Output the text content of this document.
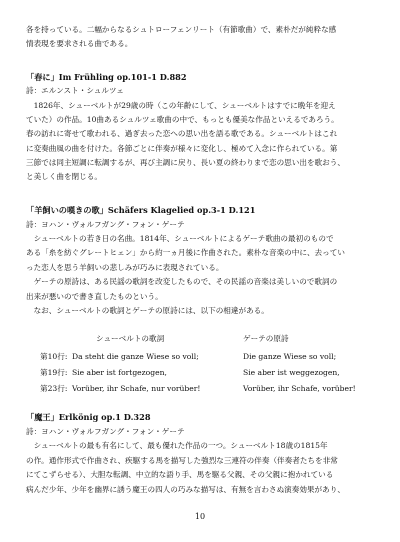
各を持っている。二幅からなるシュトローフェンリート（有節歌曲）で、素朴だが純粋な感
情表現を要求される曲である。
「春に」Im Frühling op.101-1 D.882
詩：エルンスト・シュルツェ
　1826年、シューベルトが29歳の時（この年齢にして、シューベルトはすでに晩年を迎え
ていた）の作品。10曲あるシュルツェ歌曲の中で、もっとも優美な作品といえるであろう。
春の訪れに寄せて歌われる、過ぎ去った恋への思い出を語る歌である。シューベルトはこれ
に変奏曲風の曲を付けた。各節ごとに伴奏が様々に変化し、極めて入念に作られている。第
三節では同主短調に転調するが、再び主調に戻り、長い夏の終わりまで恋の思い出を歌おう、
と美しく曲を閉じる。
「羊飼いの嘆きの歌」Schäfers Klagelied op.3-1 D.121
詩：ヨハン・ヴォルフガング・フォン・ゲーテ
　シューベルトの若き日の名曲。1814年、シューベルトによるゲーテ歌曲の最初のもので
ある「糸を紡ぐグレートヒェン」から約一ヵ月後に作曲された。素朴な音楽の中に、去ってい
った恋人を思う羊飼いの悲しみが巧みに表現されている。
　ゲーテの原詩は、ある民謡の歌詞を改変したもので、その民謡の音楽は美しいので歌詞の
出来が悪いので書き直したものという。
　なお、シューベルトの歌詞とゲーテの原詩には、以下の相違がある。
シューベルトの歌詞	ゲーテの原詩
第10行: Da steht die ganze Wiese so voll;	Die ganze Wiese so voll;
第19行: Sie aber ist fortgezogen,	Sie aber ist weggezogen,
第23行: Vorüber, ihr Schafe, nur vorüber!	Vorüber, ihr Schafe, vorüber!
「魔王」Erlkönig op.1 D.328
詩：ヨハン・ヴォルフガング・フォン・ゲーテ
　シューベルトの最も有名にして、最も優れた作品の一つ。シューベルト18歳の1815年
の作。通作形式で作曲され、疾駆する馬を描写した強烈な三連符の伴奏（伴奏者たちを非常
にてこずらせる）、大胆な転調、中立的な語り手、馬を駆る父親、その父親に抱かれている
病んだ少年、少年を幽界に誘う魔王の四人の巧みな描写は、有無を言わさぬ演奏効果があり、
10
